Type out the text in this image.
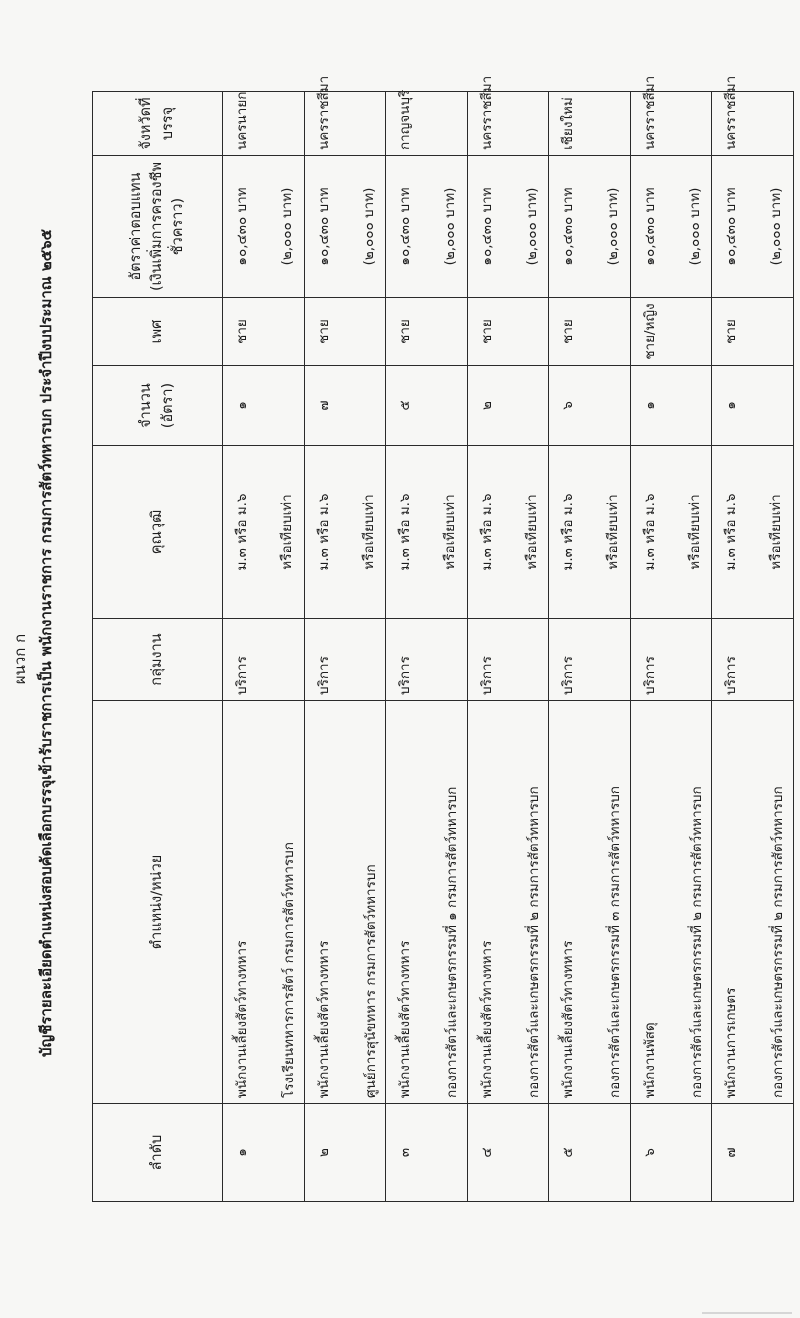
ผนวก ก บัญชีรายละเอียดตำแหน่งสอบคัดเลือกบรรจุเข้ารับราชการเป็น พนักงานราชการ กรมการสัตว์ทหารบก ประจำปีงบประมาณ ๒๕๖๕
ลำดับ	ตำแหน่ง/หน่วย	กลุ่มงาน	คุณวุฒิ	จำนวน (อัตรา)	เพศ	อัตราค่าตอบแทน (เงินเพิ่มการครองชีพชั่วคราว)	จังหวัดที่บรรจุ
๑	พนักงานเลี้ยงสัตว์ทางทหาร โรงเรียนทหารการสัตว์ กรมการสัตว์ทหารบก	บริการ	ม.๓ หรือ ม.๖ หรือเทียบเท่า	๑	ชาย	๑๐,๔๓๐ บาท (๒,๐๐๐ บาท)	นครนายก
๒	พนักงานเลี้ยงสัตว์ทางทหาร ศูนย์การสุนัขทหาร กรมการสัตว์ทหารบก	บริการ	ม.๓ หรือ ม.๖ หรือเทียบเท่า	๗	ชาย	๑๐,๔๓๐ บาท (๒,๐๐๐ บาท)	นครราชสีมา
๓	พนักงานเลี้ยงสัตว์ทางทหาร กองการสัตว์และเกษตรกรรมที่ ๑ กรมการสัตว์ทหารบก	บริการ	ม.๓ หรือ ม.๖ หรือเทียบเท่า	๕	ชาย	๑๐,๔๓๐ บาท (๒,๐๐๐ บาท)	กาญจนบุรี
๔	พนักงานเลี้ยงสัตว์ทางทหาร กองการสัตว์และเกษตรกรรมที่ ๒ กรมการสัตว์ทหารบก	บริการ	ม.๓ หรือ ม.๖ หรือเทียบเท่า	๒	ชาย	๑๐,๔๓๐ บาท (๒,๐๐๐ บาท)	นครราชสีมา
๕	พนักงานเลี้ยงสัตว์ทางทหาร กองการสัตว์และเกษตรกรรมที่ ๓ กรมการสัตว์ทหารบก	บริการ	ม.๓ หรือ ม.๖ หรือเทียบเท่า	๖	ชาย	๑๐,๔๓๐ บาท (๒,๐๐๐ บาท)	เชียงใหม่
๖	พนักงานพัสดุ กองการสัตว์และเกษตรกรรมที่ ๒ กรมการสัตว์ทหารบก	บริการ	ม.๓ หรือ ม.๖ หรือเทียบเท่า	๑	ชาย/หญิง	๑๐,๔๓๐ บาท (๒,๐๐๐ บาท)	นครราชสีมา
๗	พนักงานการเกษตร กองการสัตว์และเกษตรกรรมที่ ๒ กรมการสัตว์ทหารบก	บริการ	ม.๓ หรือ ม.๖ หรือเทียบเท่า	๑	ชาย	๑๐,๔๓๐ บาท (๒,๐๐๐ บาท)	นครราชสีมา
